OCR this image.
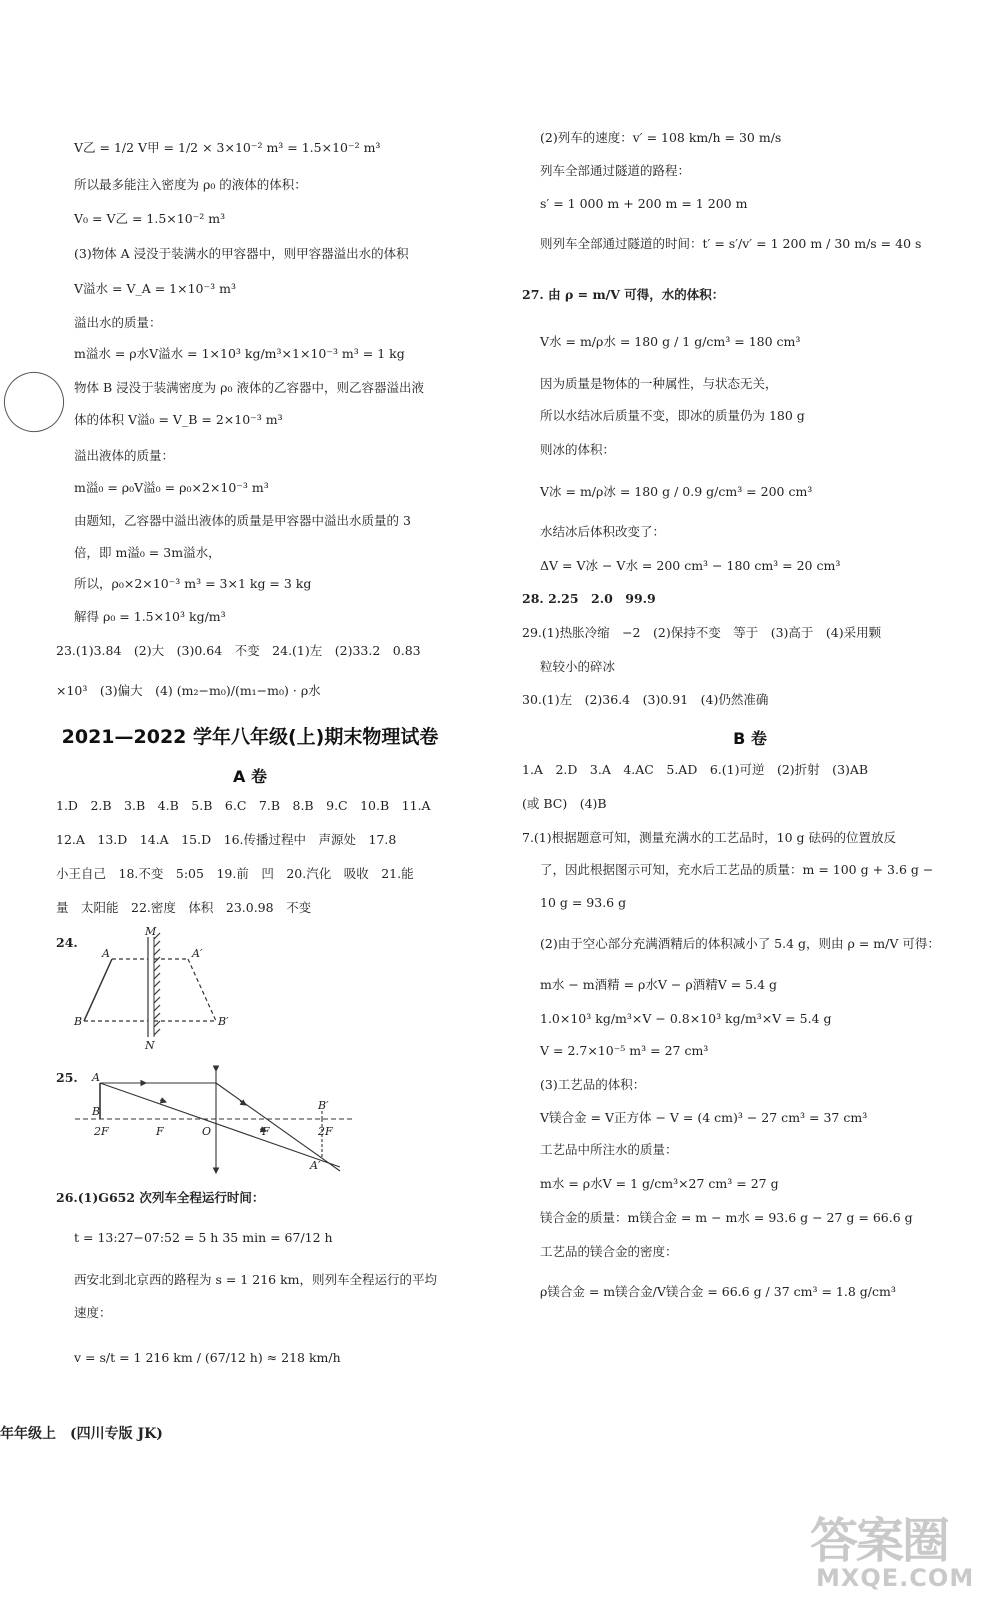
V乙 = 1/2 V甲 = 1/2 × 3×10⁻² m³ = 1.5×10⁻² m³
所以最多能注入密度为 ρ₀ 的液体的体积：
V₀ = V乙 = 1.5×10⁻² m³
(3)物体 A 浸没于装满水的甲容器中，则甲容器溢出水的体积
V溢水 = V_A = 1×10⁻³ m³
溢出水的质量：
m溢水 = ρ水V溢水 = 1×10³ kg/m³×1×10⁻³ m³ = 1 kg
物体 B 浸没于装满密度为 ρ₀ 液体的乙容器中，则乙容器溢出液
体的体积 V溢₀ = V_B = 2×10⁻³ m³
溢出液体的质量：
m溢₀ = ρ₀V溢₀ = ρ₀×2×10⁻³ m³
由题知，乙容器中溢出液体的质量是甲容器中溢出水质量的 3
倍，即 m溢₀ = 3m溢水，
所以，ρ₀×2×10⁻³ m³ = 3×1 kg = 3 kg
解得 ρ₀ = 1.5×10³ kg/m³
23.(1)3.84　(2)大　(3)0.64　不变　24.(1)左　(2)33.2　0.83
×10³　(3)偏大　(4) (m₂−m₀)/(m₁−m₀) · ρ水
2021—2022 学年八年级(上)期末物理试卷
A 卷
1.D　2.B　3.B　4.B　5.B　6.C　7.B　8.B　9.C　10.B　11.A
12.A　13.D　14.A　15.D　16.传播过程中　声源处　17.8
小王自己　18.不变　5:05　19.前　凹　20.汽化　吸收　21.能
量　太阳能　22.密度　体积　23.0.98　不变
24.
M
N
A
B
A′
B′
25. A
B
2F	F	O	F	2F
B′
A′
26.(1)G652 次列车全程运行时间：
t = 13:27−07:52 = 5 h 35 min = 67/12 h
西安北到北京西的路程为 s = 1 216 km，则列车全程运行的平均
速度：
v = s/t = 1 216 km / (67/12 h) ≈ 218 km/h
年年级上　(四川专版 JK)
(2)列车的速度：v′ = 108 km/h = 30 m/s
列车全部通过隧道的路程：
s′ = 1 000 m + 200 m = 1 200 m
则列车全部通过隧道的时间：t′ = s′/v′ = 1 200 m / 30 m/s = 40 s
27. 由 ρ = m/V 可得，水的体积：
V水 = m/ρ水 = 180 g / 1 g/cm³ = 180 cm³
因为质量是物体的一种属性，与状态无关，
所以水结冰后质量不变，即冰的质量仍为 180 g
则冰的体积：
V冰 = m/ρ冰 = 180 g / 0.9 g/cm³ = 200 cm³
水结冰后体积改变了：
ΔV = V冰 − V水 = 200 cm³ − 180 cm³ = 20 cm³
28. 2.25　2.0　99.9
29.(1)热胀冷缩　−2　(2)保持不变　等于　(3)高于　(4)采用颗
粒较小的碎冰
30.(1)左　(2)36.4　(3)0.91　(4)仍然准确
B 卷
1.A　2.D　3.A　4.AC　5.AD　6.(1)可逆　(2)折射　(3)AB
(或 BC)　(4)B
7.(1)根据题意可知，测量充满水的工艺品时，10 g 砝码的位置放反
了，因此根据图示可知，充水后工艺品的质量：m = 100 g + 3.6 g −
10 g = 93.6 g
(2)由于空心部分充满酒精后的体积减小了 5.4 g，则由 ρ = m/V 可得：
m水 − m酒精 = ρ水V − ρ酒精V = 5.4 g
1.0×10³ kg/m³×V − 0.8×10³ kg/m³×V = 5.4 g
V = 2.7×10⁻⁵ m³ = 27 cm³
(3)工艺品的体积：
V镁合金 = V正方体 − V = (4 cm)³ − 27 cm³ = 37 cm³
工艺品中所注水的质量：
m水 = ρ水V = 1 g/cm³×27 cm³ = 27 g
镁合金的质量：m镁合金 = m − m水 = 93.6 g − 27 g = 66.6 g
工艺品的镁合金的密度：
ρ镁合金 = m镁合金/V镁合金 = 66.6 g / 37 cm³ = 1.8 g/cm³
答案圈
MXQE.COM
